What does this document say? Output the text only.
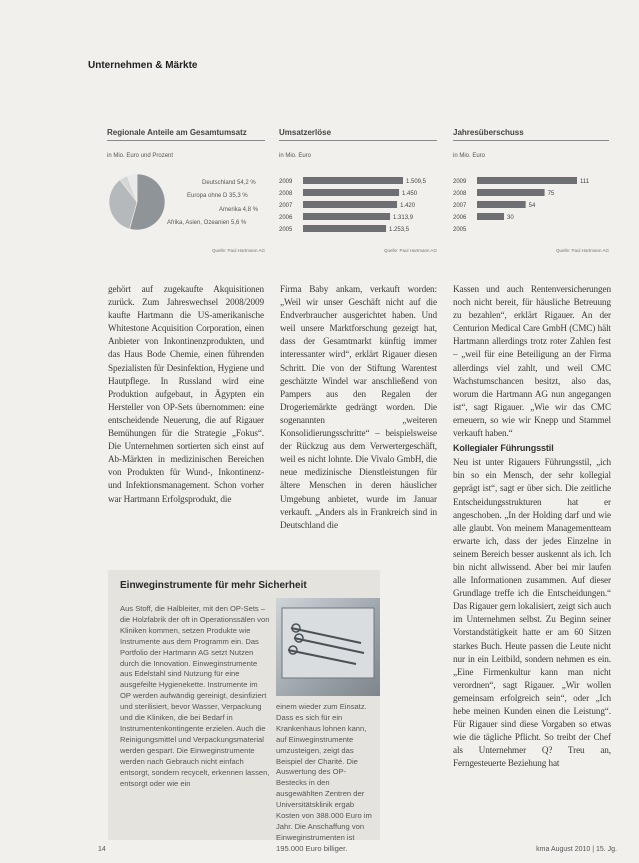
Unternehmen & Märkte
Regionale Anteile am Gesamtumsatz
in Mio. Euro und Prozent
Deutschland 54,2 %
Europa ohne D 35,3 %
Amerika 4,8 %
Afrika, Asien, Ozeanien 5,6 %
Quelle: Paul Hartmann AG
Umsatzerlöse
in Mio. Euro
2009	1.509,5
2008	1.450
2007	1.420
2006	1.313,9
2005	1.253,5
Quelle: Paul Hartmann AG
Jahresüberschuss
in Mio. Euro
2009	111
2008	75
2007	54
2006	30
2005
Quelle: Paul Hartmann AG

gehört auf zugekaufte Akquisitionen zurück. Zum Jahreswechsel 2008/2009 kaufte Hartmann die US-amerikanische Whitestone Acquisition Corporation, einen Anbieter von Inkontinenzprodukten, und das Haus Bode Chemie, einen führenden Spezialisten für Desinfektion, Hygiene und Hautpflege. In Russland wird eine Produktion aufgebaut, in Ägypten ein Hersteller von OP-Sets übernommen: eine entscheidende Neuerung, die auf Rigauer Bemühungen für die Strategie „Fokus“. Die Unternehmen sortierten sich einst auf Ab-Märkten in medizinischen Bereichen von Produkten für Wund-, Inkontinenz- und Infektionsmanagement. Schon vorher war Hartmann Erfolgsprodukt, die

Firma Baby ankam, verkauft worden: „Weil wir unser Geschäft nicht auf die Endverbraucher ausgerichtet haben. Und weil unsere Marktforschung gezeigt hat, dass der Gesamtmarkt künftig immer interessanter wird“, erklärt Rigauer diesen Schritt. Die von der Stiftung Warentest geschätzte Windel war anschließend von Pampers aus den Regalen der Drogeriemärkte gedrängt worden. Die sogenannten „weiteren Konsolidierungsschritte“ – beispielsweise der Rückzug aus dem Verwertergeschäft, weil es nicht lohnte. Die Vivalo GmbH, die neue medizinische Dienstleistungen für ältere Menschen in deren häuslicher Umgebung anbietet, wurde im Januar verkauft. „Anders als in Frankreich sind in Deutschland die

Kassen und auch Rentenversicherungen noch nicht bereit, für häusliche Betreuung zu bezahlen“, erklärt Rigauer. An der Centurion Medical Care GmbH (CMC) hält Hartmann allerdings trotz roter Zahlen fest – „weil für eine Beteiligung an der Firma allerdings viel zahlt, und weil CMC Wachstumschancen besitzt, also das, worum die Hartmann AG nun angegangen ist“, sagt Rigauer. „Wie wir das CMC erneuern, so wie wir Knepp und Stammel verkauft haben.“

Kollegialer Führungsstil

Neu ist unter Rigauers Führungsstil, „ich bin so ein Mensch, der sehr kollegial geprägt ist“, sagt er über sich. Die zeitliche Entscheidungsstrukturen hat er angeschoben. „In der Holding darf und wie alle glaubt. Von meinem Managementteam erwarte ich, dass der jedes Einzelne in seinem Bereich besser auskennt als ich. Ich bin nicht allwissend. Aber bei mir laufen alle Informationen zusammen. Auf dieser Grundlage treffe ich die Entscheidungen.“ Das Rigauer gern lokalisiert, zeigt sich auch im Unternehmen selbst. Zu Beginn seiner Vorstandstätigkeit hatte er am 60 Sitzen starkes Buch. Heute passen die Leute nicht nur in ein Leitbild, sondern nehmen es ein. „Eine Firmenkultur kann man nicht verordnen“, sagt Rigauer. „Wir wollen gemeinsam erfolgreich sein“, oder „Ich hebe meinen Kunden einen die Leistung“. Für Rigauer sind diese Vorgaben so etwas wie die tägliche Pflicht. So treibt der Chef als Unternehmer Q? Treu an, Ferngesteuerte Beziehung hat

Einweginstrumente für mehr Sicherheit

Aus Stoff, die Halbleiter, mit den OP-Sets – die Holzfabrik der oft in Operationssälen von Kliniken kommen, setzen Produkte wie Instrumente aus dem Programm ein. Das Portfolio der Hartmann AG setzt Nutzen durch die Innovation. Einweginstrumente aus Edelstahl sind Nutzung für eine ausgefeilte Hygienekette. Instrumente im OP werden aufwändig gereinigt, desinfiziert und sterilisiert, bevor Wasser, Verpackung und die Kliniken, die bei Bedarf in Instrumentenkontingente erzielen. Auch die Reinigungsmittel und Verpackungsmaterial werden gespart. Die Einweginstrumente werden nach Gebrauch nicht einfach entsorgt, sondern recycelt, erkennen lassen, entsorgt oder wie ein

einem wieder zum Einsatz. Dass es sich für ein Krankenhaus lohnen kann, auf Einweginstrumente umzusteigen, zeigt das Beispiel der Charité. Die Auswertung des OP-Bestecks in den ausgewählten Zentren der Universitätsklinik ergab Kosten von 388.000 Euro im Jahr. Die Anschaffung von Einweginstrumenten ist 195.000 Euro billiger.

14	kma August 2010 | 15. Jg.
